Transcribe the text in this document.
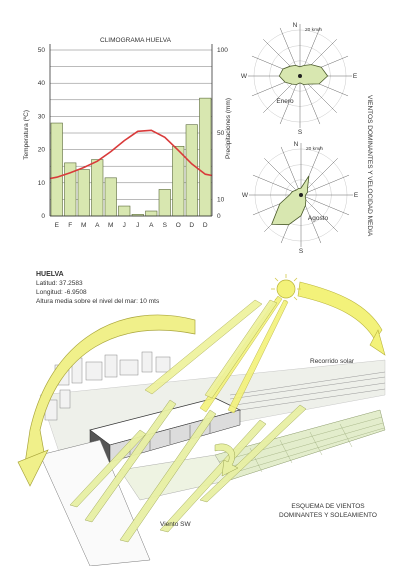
0
10
20
30
40
50
0
10
50
100
E F M A M J J A S O D D
N
E
S
W
20 km/h
Enero
N
E
S
W
20 km/h
Agosto
CLIMOGRAMA HUELVA
Temperatura (ºC)	Precipitaciones (mm)	VIENTOS DOMINANTES Y VELOCIDAD MEDIA
HUELVA
Latitud: 37.2583
Longitud: -6.9508
Altura media sobre el nivel del mar: 10 mts
Recorrido solar
Viento SW
ESQUEMA DE VIENTOS
DOMINANTES Y SOLEAMIENTO
